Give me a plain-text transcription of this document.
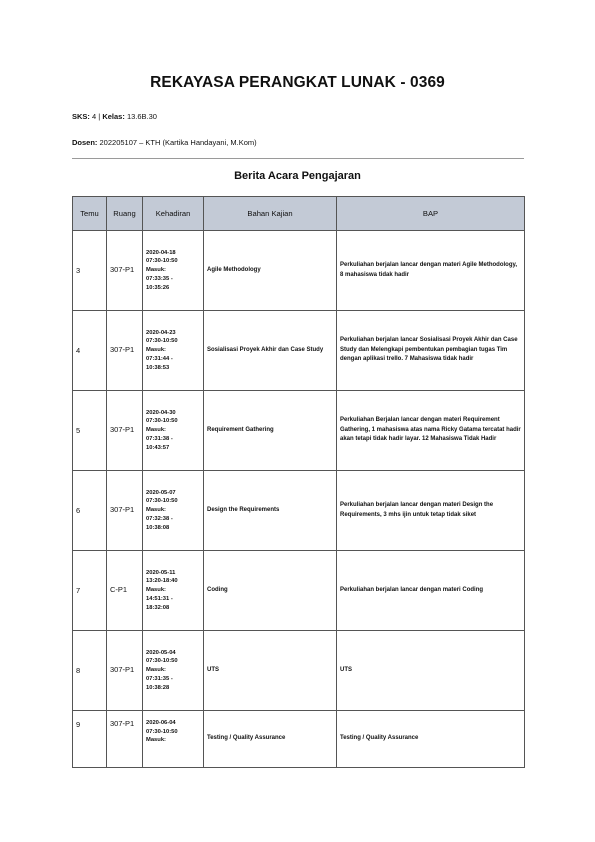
REKAYASA PERANGKAT LUNAK - 0369
SKS: 4 | Kelas: 13.6B.30
Dosen: 202205107 – KTH (Kartika Handayani, M.Kom)
Berita Acara Pengajaran
Temu	Ruang	Kehadiran	Bahan Kajian	BAP
3	307-P1	2020-04-18
07:30-10:50
Masuk:
07:33:35 -
10:35:26	Agile Methodology	Perkuliahan berjalan lancar dengan materi Agile Methodology, 8 mahasiswa tidak hadir
4	307-P1	2020-04-23
07:30-10:50
Masuk:
07:31:44 -
10:38:53	Sosialisasi Proyek Akhir dan Case Study	Perkuliahan berjalan lancar Sosialisasi Proyek Akhir dan Case Study dan Melengkapi pembentukan pembagian tugas Tim dengan aplikasi trello. 7 Mahasiswa tidak hadir
5	307-P1	2020-04-30
07:30-10:50
Masuk:
07:31:38 -
10:43:57	Requirement Gathering	Perkuliahan Berjalan lancar dengan materi Requirement Gathering, 1 mahasiswa atas nama Ricky Gatama tercatat hadir akan tetapi tidak hadir layar. 12 Mahasiswa Tidak Hadir
6	307-P1	2020-05-07
07:30-10:50
Masuk:
07:32:38 -
10:38:08	Design the Requirements	Perkuliahan berjalan lancar dengan materi Design the Requirements, 3 mhs ijin untuk tetap tidak siket
7	C-P1	2020-05-11
13:20-18:40
Masuk:
14:51:31 -
18:32:08	Coding	Perkuliahan berjalan lancar dengan materi Coding
8	307-P1	2020-05-04
07:30-10:50
Masuk:
07:31:35 -
10:38:28	UTS	UTS
9	307-P1	2020-06-04
07:30-10:50
Masuk:	Testing / Quality Assurance	Testing / Quality Assurance
